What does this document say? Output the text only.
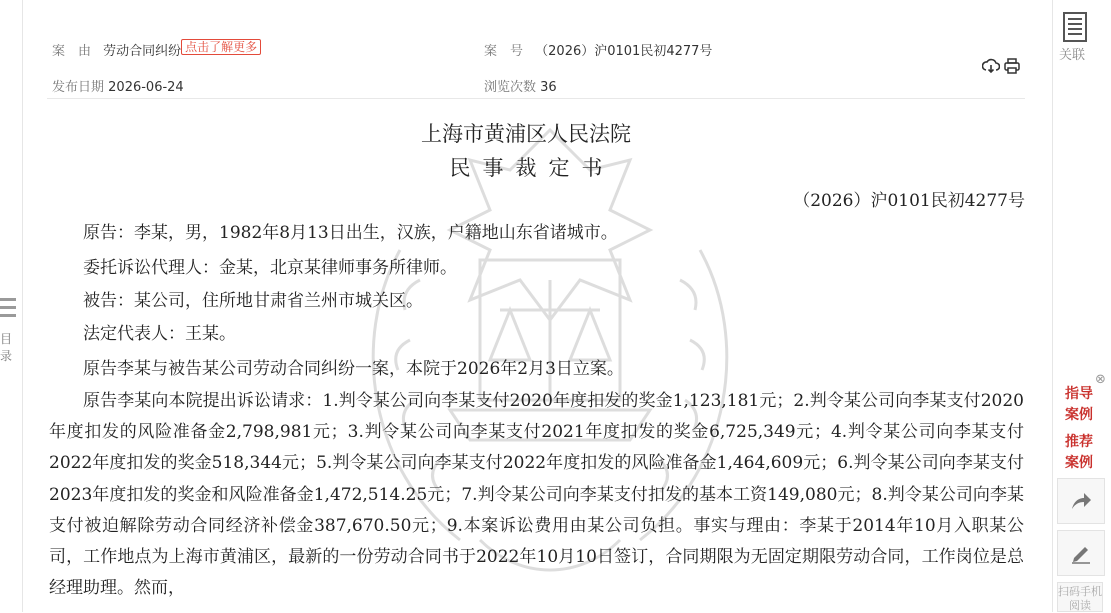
目录
案　由 劳动合同纠纷 点击了解更多	案　号 （2026）沪0101民初4277号
发布日期 2026-06-24	浏览次数 36
上海市黄浦区人民法院
民事裁定书
（2026）沪0101民初4277号
原告：李某，男，1982年8月13日出生，汉族，户籍地山东省诸城市。
委托诉讼代理人：金某，北京某律师事务所律师。
被告：某公司，住所地甘肃省兰州市城关区。
法定代表人：王某。
原告李某与被告某公司劳动合同纠纷一案，本院于2026年2月3日立案。
原告李某向本院提出诉讼请求：1.判令某公司向李某支付2020年度扣发的奖金1,123,181元；2.判令某公司向李某支付2020年度扣发的风险准备金2,798,981元；3.判令某公司向李某支付2021年度扣发的奖金6,725,349元；4.判令某公司向李某支付2022年度扣发的奖金518,344元；5.判令某公司向李某支付2022年度扣发的风险准备金1,464,609元；6.判令某公司向李某支付2023年度扣发的奖金和风险准备金1,472,514.25元；7.判令某公司向李某支付扣发的基本工资149,080元；8.判令某公司向李某支付被迫解除劳动合同经济补偿金387,670.50元；9.本案诉讼费用由某公司负担。事实与理由：李某于2014年10月入职某公司，工作地点为上海市黄浦区，最新的一份劳动合同书于2022年10月10日签订，合同期限为无固定期限劳动合同，工作岗位是总经理助理。然而，
关联
⊗
指导案例
推荐案例
扫码手机阅读
